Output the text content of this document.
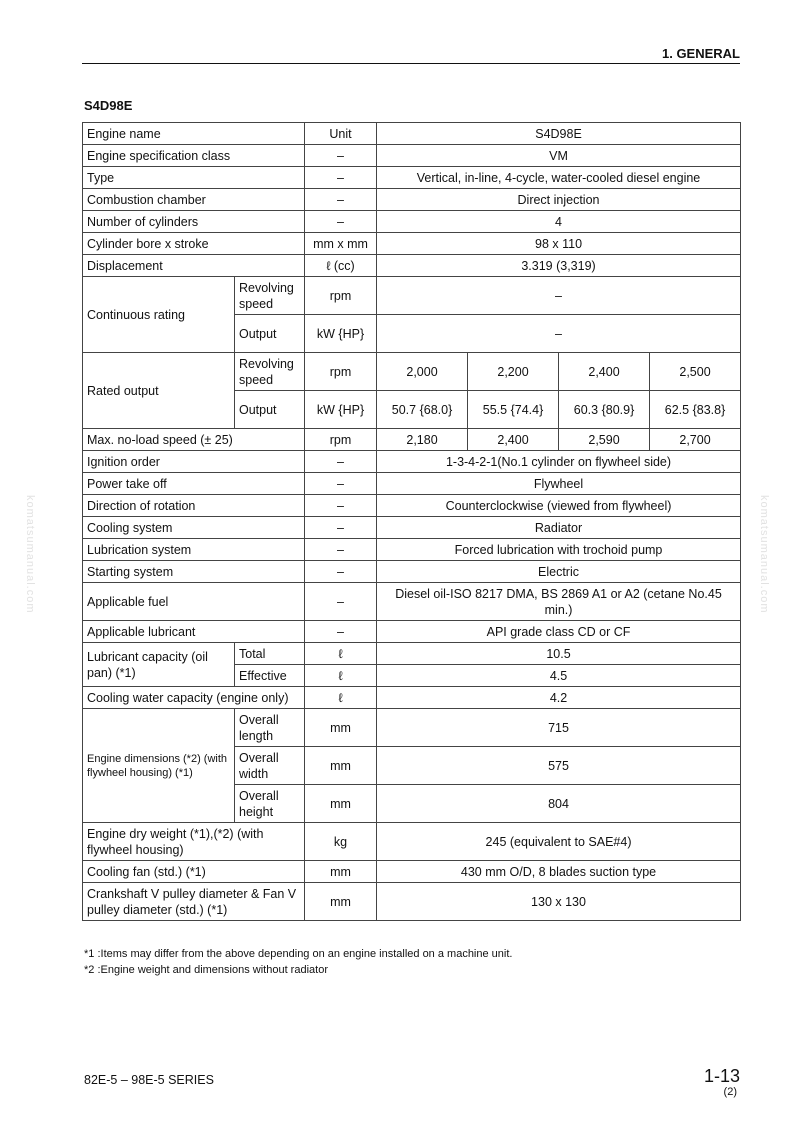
1. GENERAL
S4D98E
Engine name		Unit	S4D98E			
Engine specification class		–	VM			
Type		–	Vertical, in-line, 4-cycle, water-cooled diesel engine			
Combustion chamber		–	Direct injection			
Number of cylinders		–	4			
Cylinder bore x stroke		mm x mm	98 x 110			
Displacement		ℓ (cc)	3.319 (3,319)			
Continuous rating	Revolving speed	rpm	–			
	Output	kW {HP}	–			
Rated output	Revolving speed	rpm	2,000	2,200	2,400	2,500
	Output	kW {HP}	50.7 {68.0}	55.5 {74.4}	60.3 {80.9}	62.5 {83.8}
Max. no-load speed (± 25)		rpm	2,180	2,400	2,590	2,700
Ignition order		–	1-3-4-2-1(No.1 cylinder on flywheel side)			
Power take off		–	Flywheel			
Direction of rotation		–	Counterclockwise (viewed from flywheel)			
Cooling system		–	Radiator			
Lubrication system		–	Forced lubrication with trochoid pump			
Starting system		–	Electric			
Applicable fuel		–	Diesel oil-ISO 8217 DMA, BS 2869 A1 or A2 (cetane No.45 min.)			
Applicable lubricant		–	API grade class CD or CF			
Lubricant capacity (oil pan) (*1)	Total	ℓ	10.5			
	Effective	ℓ	4.5			
Cooling water capacity (engine only)		ℓ	4.2			
Engine dimensions (*2) (with flywheel housing) (*1)	Overall length	mm	715			
	Overall width	mm	575			
	Overall height	mm	804			
Engine dry weight (*1),(*2) (with flywheel housing)		kg	245 (equivalent to SAE#4)			
Cooling fan (std.) (*1)		mm	430 mm O/D, 8 blades suction type			
Crankshaft V pulley diameter & Fan V pulley diameter (std.) (*1)		mm	130 x 130			
*1 :Items may differ from the above depending on an engine installed on a machine unit.
*2 :Engine weight and dimensions without radiator
82E-5 – 98E-5 SERIES	1-13
(2)
komatsumanual.com	komatsumanual.com
